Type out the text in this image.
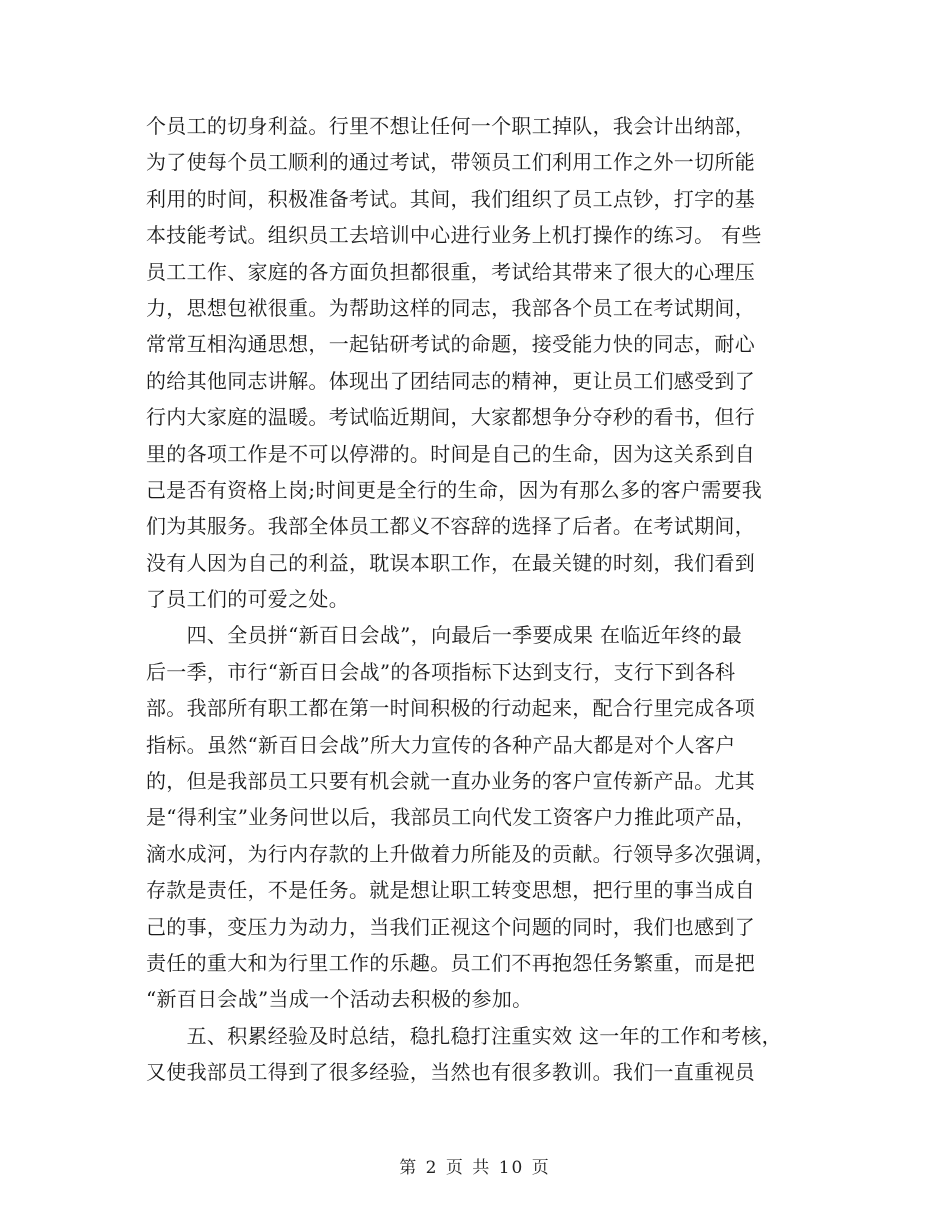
个员工的切身利益。行里不想让任何一个职工掉队，我会计出纳部，
为了使每个员工顺利的通过考试，带领员工们利用工作之外一切所能
利用的时间，积极准备考试。其间，我们组织了员工点钞，打字的基
本技能考试。组织员工去培训中心进行业务上机打操作的练习。 有些
员工工作、家庭的各方面负担都很重，考试给其带来了很大的心理压
力，思想包袱很重。为帮助这样的同志，我部各个员工在考试期间，
常常互相沟通思想，一起钻研考试的命题，接受能力快的同志，耐心
的给其他同志讲解。体现出了团结同志的精神，更让员工们感受到了
行内大家庭的温暖。考试临近期间，大家都想争分夺秒的看书，但行
里的各项工作是不可以停滞的。时间是自己的生命，因为这关系到自
己是否有资格上岗;时间更是全行的生命，因为有那么多的客户需要我
们为其服务。我部全体员工都义不容辞的选择了后者。在考试期间，
没有人因为自己的利益，耽误本职工作，在最关键的时刻，我们看到
了员工们的可爱之处。
　　四、全员拼“新百日会战”，向最后一季要成果 在临近年终的最
后一季，市行“新百日会战”的各项指标下达到支行，支行下到各科
部。我部所有职工都在第一时间积极的行动起来，配合行里完成各项
指标。虽然“新百日会战”所大力宣传的各种产品大都是对个人客户
的，但是我部员工只要有机会就一直办业务的客户宣传新产品。尤其
是“得利宝”业务问世以后，我部员工向代发工资客户力推此项产品，
滴水成河，为行内存款的上升做着力所能及的贡献。行领导多次强调，
存款是责任，不是任务。就是想让职工转变思想，把行里的事当成自
己的事，变压力为动力，当我们正视这个问题的同时，我们也感到了
责任的重大和为行里工作的乐趣。员工们不再抱怨任务繁重，而是把
“新百日会战”当成一个活动去积极的参加。
　　五、积累经验及时总结，稳扎稳打注重实效 这一年的工作和考核，
又使我部员工得到了很多经验，当然也有很多教训。我们一直重视员
第 2 页 共 10 页
